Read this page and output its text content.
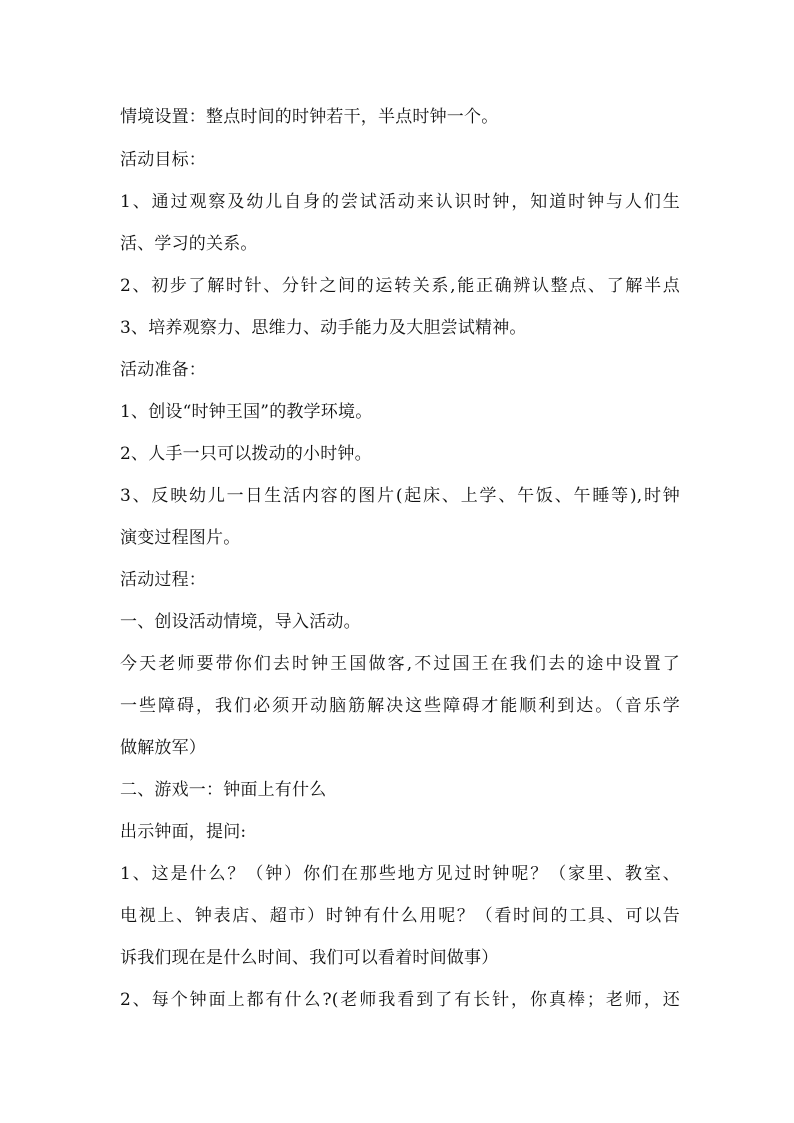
情境设置：整点时间的时钟若干，半点时钟一个。

活动目标：

1、通过观察及幼儿自身的尝试活动来认识时钟，知道时钟与人们生

活、学习的关系。

2、初步了解时针、分针之间的运转关系,能正确辨认整点、了解半点

3、培养观察力、思维力、动手能力及大胆尝试精神。

活动准备：

1、创设“时钟王国”的教学环境。

2、人手一只可以拨动的小时钟。

3、反映幼儿一日生活内容的图片(起床、上学、午饭、午睡等),时钟

演变过程图片。

活动过程：

一、创设活动情境，导入活动。

今天老师要带你们去时钟王国做客,不过国王在我们去的途中设置了

一些障碍，我们必须开动脑筋解决这些障碍才能顺利到达。（音乐学

做解放军）

二、游戏一：钟面上有什么

出示钟面，提问:

1、这是什么？（钟）你们在那些地方见过时钟呢？（家里、教室、

电视上、钟表店、超市）时钟有什么用呢？（看时间的工具、可以告

诉我们现在是什么时间、我们可以看着时间做事）

2、每个钟面上都有什么?(老师我看到了有长针，你真棒；老师，还
